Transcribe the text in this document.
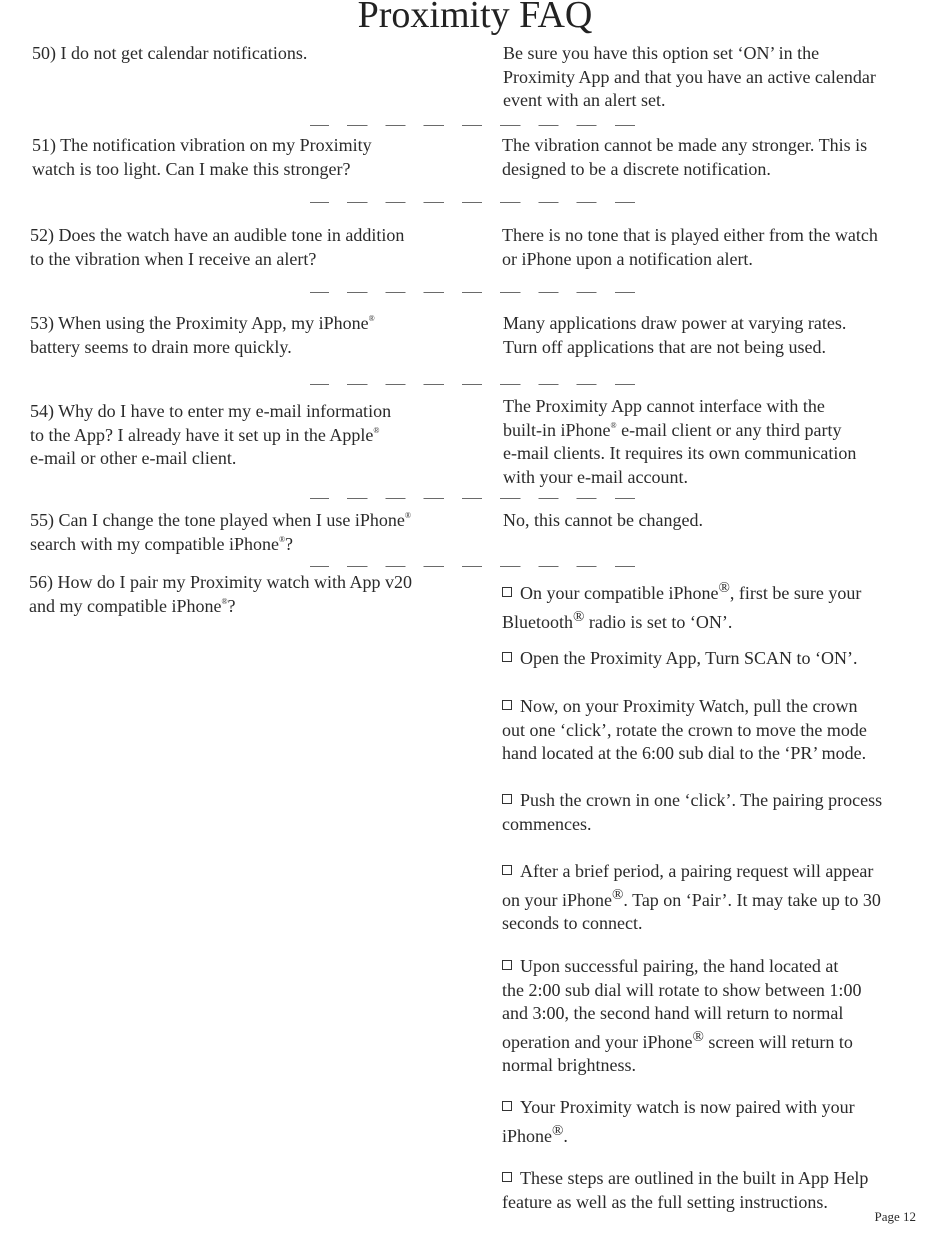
Proximity FAQ
50) I do not get calendar notifications.	Be sure you have this option set ‘ON’ in the
Proximity App and that you have an active calendar
event with an alert set.
51) The notification vibration on my Proximity
watch is too light. Can I make this stronger?
The vibration cannot be made any stronger. This is
designed to be a discrete notification.
52) Does the watch have an audible tone in addition
to the vibration when I receive an alert?
There is no tone that is played either from the watch
or iPhone upon a notification alert.
53) When using the Proximity App, my iPhone®
battery seems to drain more quickly.
Many applications draw power at varying rates.
Turn off applications that are not being used.
54) Why do I have to enter my e-mail information
to the App? I already have it set up in the Apple®
e-mail or other e-mail client.
The Proximity App cannot interface with the
built-in iPhone® e-mail client or any third party
e-mail clients. It requires its own communication
with your e-mail account.
55) Can I change the tone played when I use iPhone®
search with my compatible iPhone®?
No, this cannot be changed.
56) How do I pair my Proximity watch with App v20
and my compatible iPhone®?
On your compatible iPhone®, first be sure your
Bluetooth® radio is set to ‘ON’.
Open the Proximity App, Turn SCAN to ‘ON’.
Now, on your Proximity Watch, pull the crown
out one ‘click’, rotate the crown to move the mode
hand located at the 6:00 sub dial to the ‘PR’ mode.
Push the crown in one ‘click’. The pairing process
commences.
After a brief period, a pairing request will appear
on your iPhone®. Tap on ‘Pair’. It may take up to 30
seconds to connect.
Upon successful pairing, the hand located at
the 2:00 sub dial will rotate to show between 1:00
and 3:00, the second hand will return to normal
operation and your iPhone® screen will return to
normal brightness.
Your Proximity watch is now paired with your
iPhone®.
These steps are outlined in the built in App Help
feature as well as the full setting instructions.
Page 12
